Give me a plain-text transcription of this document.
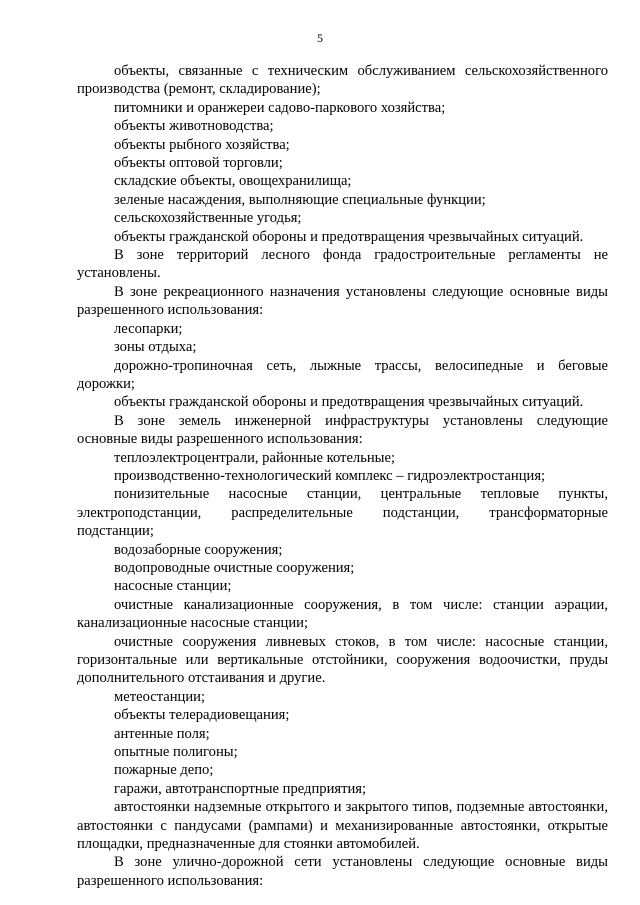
5

объекты, связанные с техническим обслуживанием сельскохозяйственного производства (ремонт, складирование);

питомники и оранжереи садово-паркового хозяйства;

объекты животноводства;

объекты рыбного хозяйства;

объекты оптовой торговли;

складские объекты, овощехранилища;

зеленые насаждения, выполняющие специальные функции;

сельскохозяйственные угодья;

объекты гражданской обороны и предотвращения чрезвычайных ситуаций.

В зоне территорий лесного фонда градостроительные регламенты не установлены.

В зоне рекреационного назначения установлены следующие основные виды разрешенного использования:

лесопарки;

зоны отдыха;

дорожно-тропиночная сеть, лыжные трассы, велосипедные и беговые дорожки;

объекты гражданской обороны и предотвращения чрезвычайных ситуаций.

В зоне земель инженерной инфраструктуры установлены следующие основные виды разрешенного использования:

теплоэлектроцентрали, районные котельные;

производственно-технологический комплекс – гидроэлектростанция;

понизительные насосные станции, центральные тепловые пункты, электроподстанции, распределительные подстанции, трансформаторные подстанции;

водозаборные сооружения;

водопроводные очистные сооружения;

насосные станции;

очистные канализационные сооружения, в том числе: станции аэрации, канализационные насосные станции;

очистные сооружения ливневых стоков, в том числе: насосные станции, горизонтальные или вертикальные отстойники, сооружения водоочистки, пруды дополнительного отстаивания и другие.

метеостанции;

объекты телерадиовещания;

антенные поля;

опытные полигоны;

пожарные депо;

гаражи, автотранспортные предприятия;

автостоянки надземные открытого и закрытого типов, подземные автостоянки, автостоянки с пандусами (рампами) и механизированные автостоянки, открытые площадки, предназначенные для стоянки автомобилей.

В зоне улично-дорожной сети установлены следующие основные виды разрешенного использования:
